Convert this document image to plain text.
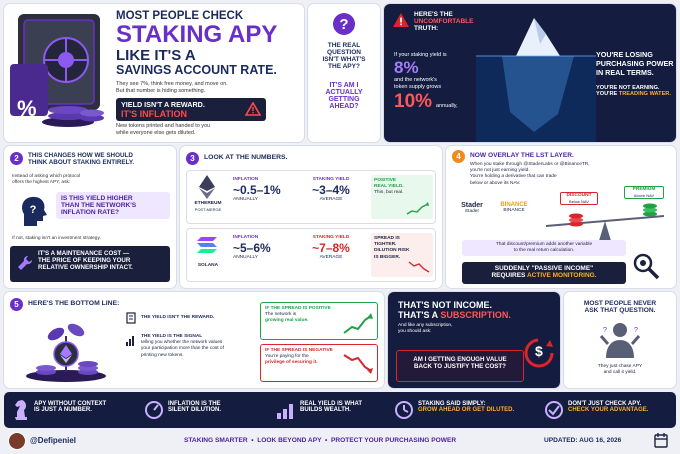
%
MOST PEOPLE CHECK
STAKING APY
LIKE IT'S A
SAVINGS ACCOUNT RATE.
They see 7%, think free money, and move on.
But that number is hiding something.
YIELD ISN'T A REWARD.
IT'S INFLATION
New tokens printed and handed to you
while everyone else gets diluted.
?
THE REAL QUESTION
ISN'T WHAT'S
THE APY?
IT'S AM I
ACTUALLY GETTING
AHEAD?
HERE'S THE
UNCOMFORTABLE
TRUTH:
If your staking yield is
8%
and the network's
token supply grows
10% annually,
YOU'RE LOSING
PURCHASING POWER
IN REAL TERMS.
YOU'RE NOT EARNING.
YOU'RE TREADING WATER.
2	THIS CHANGES HOW WE SHOULD
THINK ABOUT STAKING ENTIRELY.
Instead of asking which protocol
offers the highest APY, ask:
?
IS THIS YIELD HIGHER
THAN THE NETWORK'S
INFLATION RATE?
If not, staking isn't an investment strategy.
IT'S A MAINTENANCE COST —
THE PRICE OF KEEPING YOUR
RELATIVE OWNERSHIP INTACT.
3	LOOK AT THE NUMBERS.
ETHEREUM
POST-MERGE
INFLATION
~0.5–1%
ANNUALLY
STAKING YIELD
~3–4%
AVERAGE
POSITIVE
REAL YIELD.
Thin, but real.
SOLANA
INFLATION
~5–6%
ANNUALLY
STAKING YIELD
~7–8%
AVERAGE
SPREAD IS
TIGHTER.
DILUTION RISK
IS BIGGER.
4	NOW OVERLAY THE LST LAYER.
When you stake through @StaderLabs or @BinanceTR,
you're not just earning yield.
You're holding a derivative that can trade
below or above its NAV.
Stader
Stader
BINANCE
BINANCE
DISCOUNT
Below NAV
PREMIUM
Above NAV
That discount/premium adds another variable
to the real return calculation.
SUDDENLY "PASSIVE INCOME"
REQUIRES ACTIVE MONITORING.
5	HERE'S THE BOTTOM LINE:
THE YIELD ISN'T THE REWARD.
THE YIELD IS THE SIGNAL
telling you whether the network values
your participation more than the cost of
printing new tokens.
IF THE SPREAD IS POSITIVE
The network is
growing real value.
IF THE SPREAD IS NEGATIVE
You're paying for the
privilege of securing it.
THAT'S NOT INCOME.
THAT'S A SUBSCRIPTION.
And like any subscription,
you should ask:
AM I GETTING ENOUGH VALUE
BACK TO JUSTIFY THE COST?
$
MOST PEOPLE NEVER
ASK THAT QUESTION.
?	?
They just chase APY
and call it yield.
APY WITHOUT CONTEXT
IS JUST A NUMBER.
INFLATION IS THE
SILENT DILUTION.
REAL YIELD IS WHAT
BUILDS WEALTH.
STAKING SAID SIMPLY:
GROW AHEAD OR GET DILUTED.
DON'T JUST CHECK APY.
CHECK YOUR ADVANTAGE.
@Defipeniel	STAKING SMARTER  •  LOOK BEYOND APY  •  PROTECT YOUR PURCHASING POWER	UPDATED: AUG 16, 2026
